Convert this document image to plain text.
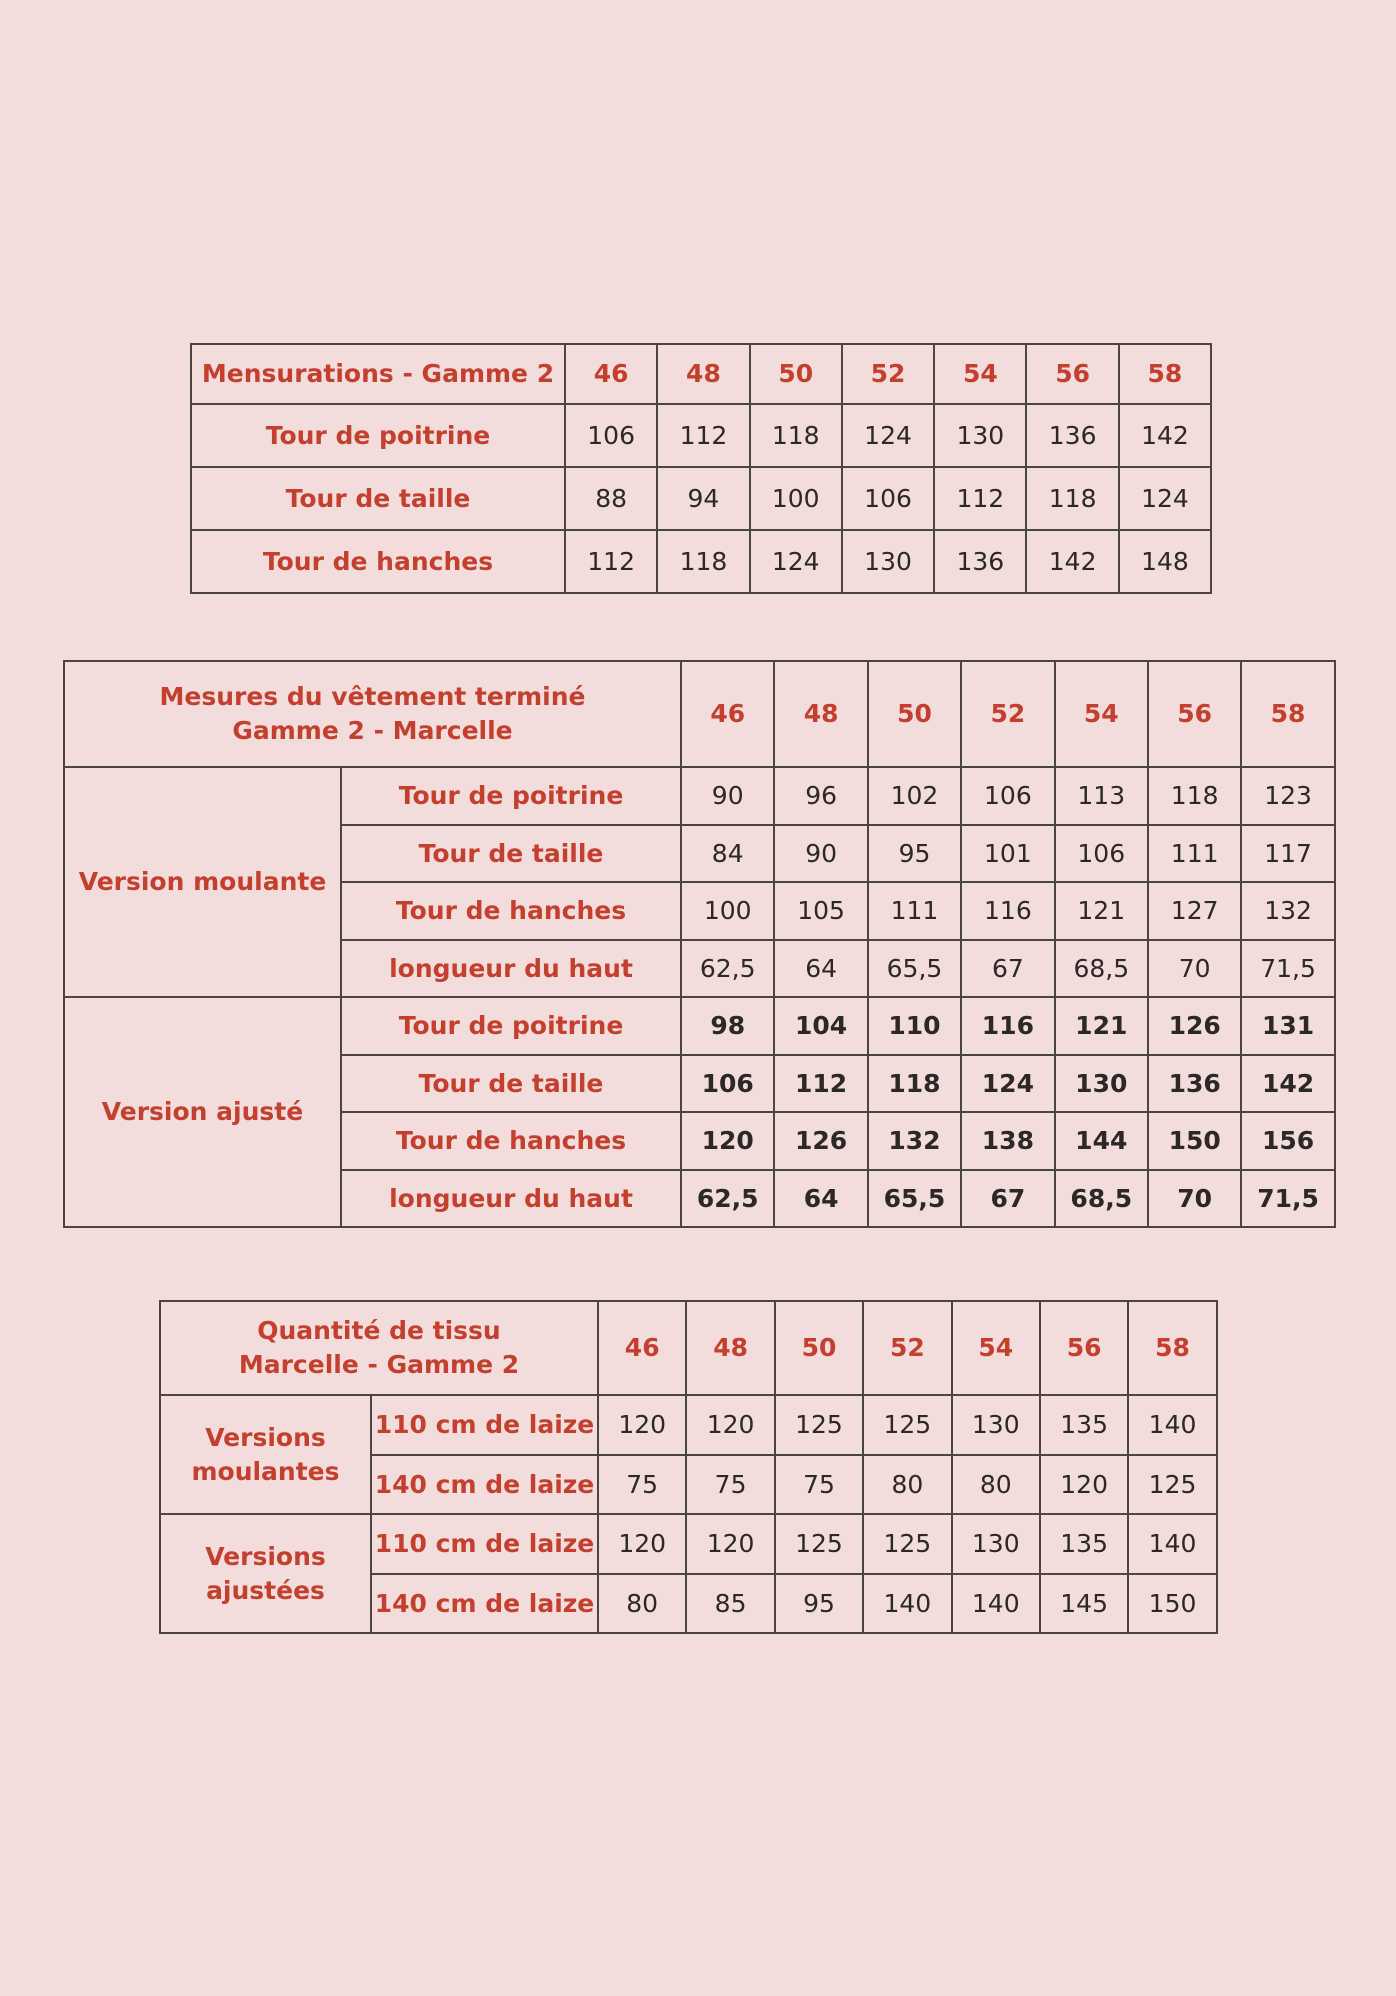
Mensurations - Gamme 2	46	48	50	52	54	56	58
Tour de poitrine	106	112	118	124	130	136	142
Tour de taille	88	94	100	106	112	118	124
Tour de hanches	112	118	124	130	136	142	148
Mesures du vêtement terminé
Gamme 2 - Marcelle		46	48	50	52	54	56	58
Version moulante	Tour de poitrine	90	96	102	106	113	118	123
	Tour de taille	84	90	95	101	106	111	117
	Tour de hanches	100	105	111	116	121	127	132
	longueur du haut	62,5	64	65,5	67	68,5	70	71,5
Version ajusté	Tour de poitrine	98	104	110	116	121	126	131
	Tour de taille	106	112	118	124	130	136	142
	Tour de hanches	120	126	132	138	144	150	156
	longueur du haut	62,5	64	65,5	67	68,5	70	71,5
Quantité de tissu
Marcelle - Gamme 2		46	48	50	52	54	56	58

Versions
moulantes	110 cm de laize	120	120	125	125	130	135	140
	140 cm de laize	75	75	75	80	80	120	125

Versions
ajustées	110 cm de laize	120	120	125	125	130	135	140
	140 cm de laize	80	85	95	140	140	145	150
